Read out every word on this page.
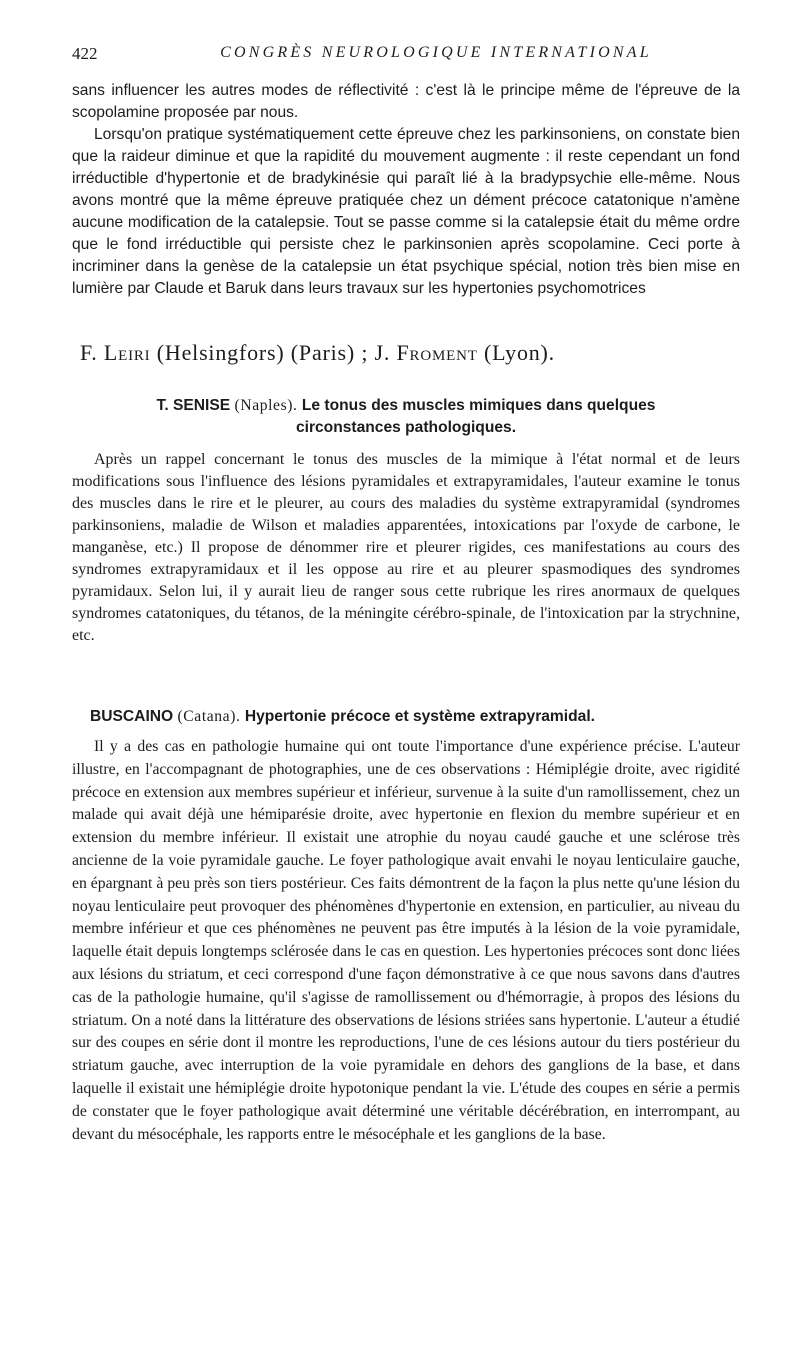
422	CONGRÈS NEUROLOGIQUE INTERNATIONAL

sans influencer les autres modes de réflectivité : c'est là le principe même de l'épreuve de la scopolamine proposée par nous.

Lorsqu'on pratique systématiquement cette épreuve chez les parkinsoniens, on constate bien que la raideur diminue et que la rapidité du mouvement augmente : il reste cependant un fond irréductible d'hypertonie et de bradykinésie qui paraît lié à la bradypsychie elle-même. Nous avons montré que la même épreuve pratiquée chez un dément précoce catatonique n'amène aucune modification de la catalepsie. Tout se passe comme si la catalepsie était du même ordre que le fond irréductible qui persiste chez le parkinsonien après scopolamine. Ceci porte à incriminer dans la genèse de la catalepsie un état psychique spécial, notion très bien mise en lumière par Claude et Baruk dans leurs travaux sur les hypertonies psychomotrices

F. Leiri (Helsingfors) (Paris) ; J. Froment (Lyon).

T. SENISE (Naples). Le tonus des muscles mimiques dans quelques

circonstances pathologiques.

Après un rappel concernant le tonus des muscles de la mimique à l'état normal et de leurs modifications sous l'influence des lésions pyramidales et extrapyramidales, l'auteur examine le tonus des muscles dans le rire et le pleurer, au cours des maladies du système extrapyramidal (syndromes parkinsoniens, maladie de Wilson et maladies apparentées, intoxications par l'oxyde de carbone, le manganèse, etc.) Il propose de dénommer rire et pleurer rigides, ces manifestations au cours des syndromes extrapyramidaux et il les oppose au rire et au pleurer spasmodiques des syndromes pyramidaux. Selon lui, il y aurait lieu de ranger sous cette rubrique les rires anormaux de quelques syndromes catatoniques, du tétanos, de la méningite cérébro-spinale, de l'intoxication par la strychnine, etc.

BUSCAINO (Catana). Hypertonie précoce et système extrapyramidal.

Il y a des cas en pathologie humaine qui ont toute l'importance d'une expérience précise. L'auteur illustre, en l'accompagnant de photographies, une de ces observations : Hémiplégie droite, avec rigidité précoce en extension aux membres supérieur et inférieur, survenue à la suite d'un ramollissement, chez un malade qui avait déjà une hémiparésie droite, avec hypertonie en flexion du membre supérieur et en extension du membre inférieur. Il existait une atrophie du noyau caudé gauche et une sclérose très ancienne de la voie pyramidale gauche. Le foyer pathologique avait envahi le noyau lenticulaire gauche, en épargnant à peu près son tiers postérieur. Ces faits démontrent de la façon la plus nette qu'une lésion du noyau lenticulaire peut provoquer des phénomènes d'hypertonie en extension, en particulier, au niveau du membre inférieur et que ces phénomènes ne peuvent pas être imputés à la lésion de la voie pyramidale, laquelle était depuis longtemps sclérosée dans le cas en question. Les hypertonies précoces sont donc liées aux lésions du striatum, et ceci correspond d'une façon démonstrative à ce que nous savons dans d'autres cas de la pathologie humaine, qu'il s'agisse de ramollissement ou d'hémorragie, à propos des lésions du striatum. On a noté dans la littérature des observations de lésions striées sans hypertonie. L'auteur a étudié sur des coupes en série dont il montre les reproductions, l'une de ces lésions autour du tiers postérieur du striatum gauche, avec interruption de la voie pyramidale en dehors des ganglions de la base, et dans laquelle il existait une hémiplégie droite hypotonique pendant la vie. L'étude des coupes en série a permis de constater que le foyer pathologique avait déterminé une véritable décérébration, en interrompant, au devant du mésocéphale, les rapports entre le mésocéphale et les ganglions de la base.
